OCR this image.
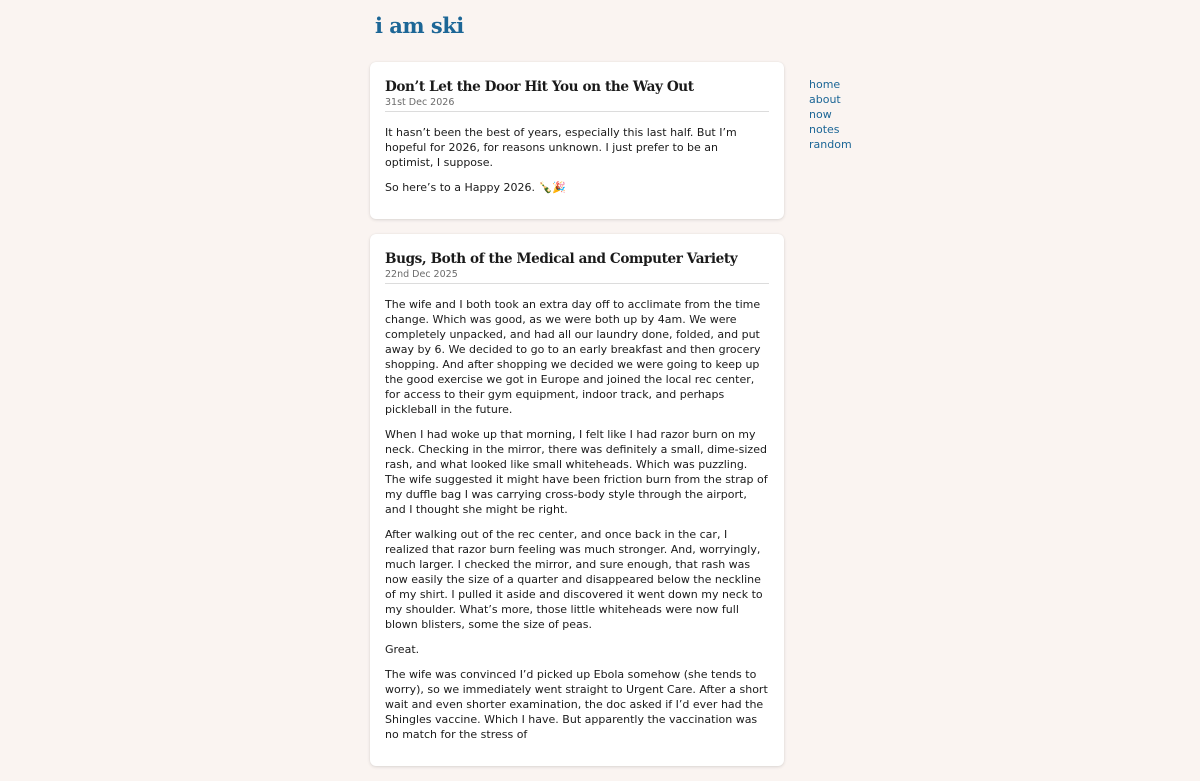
i am ski
Don’t Let the Door Hit You on the Way Out
31st Dec 2026

It hasn’t been the best of years, especially this last half. But I’m hopeful for 2026, for reasons unknown. I just prefer to be an optimist, I suppose.

So here’s to a Happy 2026. 🍾🎉

Bugs, Both of the Medical and Computer Variety
22nd Dec 2025

The wife and I both took an extra day off to acclimate from the time change. Which was good, as we were both up by 4am. We were completely unpacked, and had all our laundry done, folded, and put away by 6. We decided to go to an early breakfast and then grocery shopping. And after shopping we decided we were going to keep up the good exercise we got in Europe and joined the local rec center, for access to their gym equipment, indoor track, and perhaps pickleball in the future.

When I had woke up that morning, I felt like I had razor burn on my neck. Checking in the mirror, there was definitely a small, dime-sized rash, and what looked like small whiteheads. Which was puzzling. The wife suggested it might have been friction burn from the strap of my duffle bag I was carrying cross-body style through the airport, and I thought she might be right.

After walking out of the rec center, and once back in the car, I realized that razor burn feeling was much stronger. And, worryingly, much larger. I checked the mirror, and sure enough, that rash was now easily the size of a quarter and disappeared below the neckline of my shirt. I pulled it aside and discovered it went down my neck to my shoulder. What’s more, those little whiteheads were now full blown blisters, some the size of peas.

Great.

The wife was convinced I’d picked up Ebola somehow (she tends to worry), so we immediately went straight to Urgent Care. After a short wait and even shorter examination, the doc asked if I’d ever had the Shingles vaccine. Which I have. But apparently the vaccination was no match for the stress of

home
about
now
notes
random
